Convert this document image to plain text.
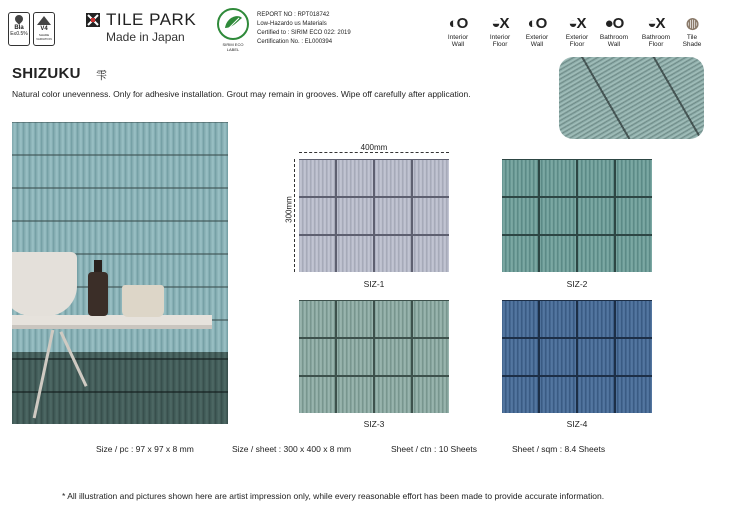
BIa
E≤0.5%
V4
SHADE VARIATION
TILE PARK
Made in Japan
SIRIM ECO LABEL
REPORT NO : RPT018742
Low-Hazardo us Materials
Certified to : SIRIM ECO 022: 2019
Certification No. : EL000394
◐O
Interior
Wall
◒X
Interior
Floor
◐O
Exterior
Wall
◒X
Exterior
Floor
●O
Bathroom
Wall
◒X
Bathroom
Floor
◍
Tile
Shade
SHIZUKU 雫
Natural color unevenness. Only for adhesive installation. Grout may remain in grooves. Wipe off carefully after application.
400mm
300mm
SIZ-1	SIZ-2
SIZ-3	SIZ-4
Size / pc : 97 x 97 x 8 mm	Size / sheet : 300 x 400 x 8 mm	Sheet / ctn : 10 Sheets	Sheet / sqm : 8.4 Sheets
* All illustration and pictures shown here are artist impression only, while every reasonable effort has been made to provide accurate information.
